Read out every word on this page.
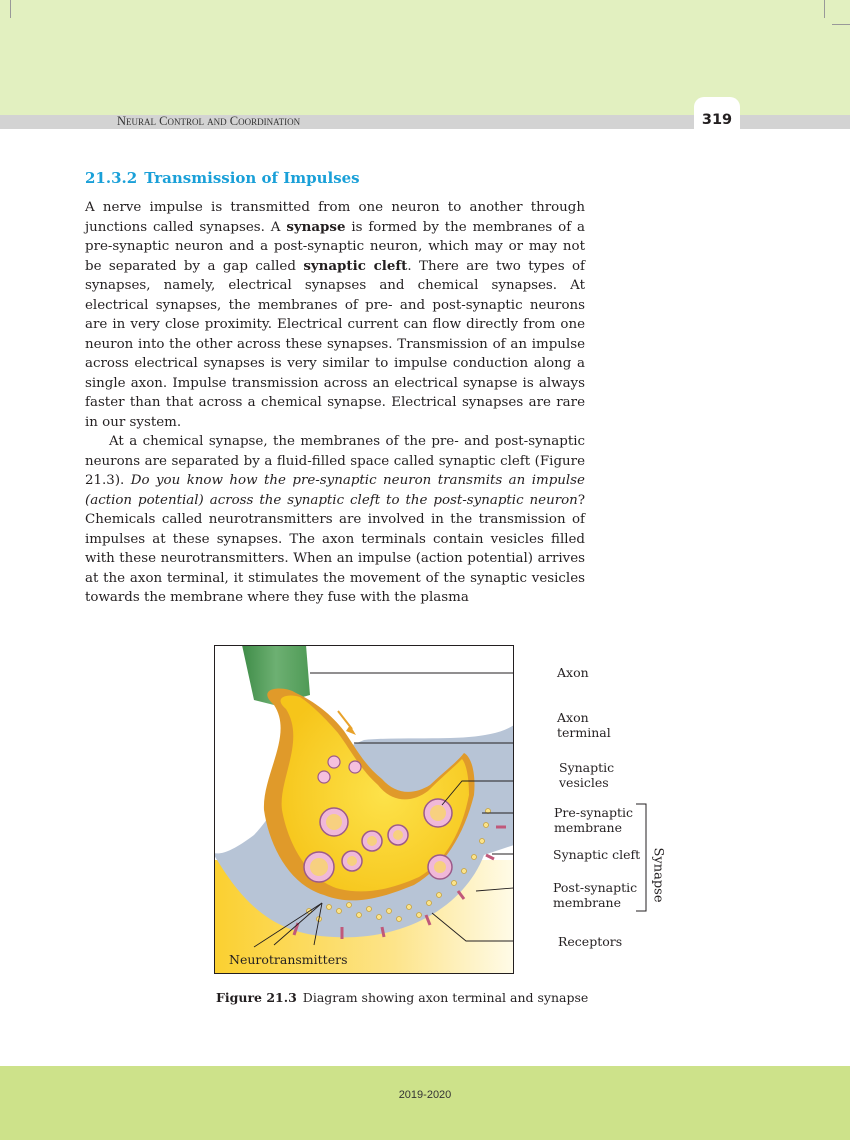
Neural Control and Coordination	319
21.3.2 Transmission of Impulses

A nerve impulse is transmitted from one neuron to another through junctions called synapses. A synapse is formed by the membranes of a pre-synaptic neuron and a post-synaptic neuron, which may or may not be separated by a gap called synaptic cleft. There are two types of synapses, namely, electrical synapses and chemical synapses. At electrical synapses, the membranes of pre- and post-synaptic neurons are in very close proximity. Electrical current can flow directly from one neuron into the other across these synapses. Transmission of an impulse across electrical synapses is very similar to impulse conduction along a single axon. Impulse transmission across an electrical synapse is always faster than that across a chemical synapse. Electrical synapses are rare in our system.

At a chemical synapse, the membranes of the pre- and post-synaptic neurons are separated by a fluid-filled space called synaptic cleft (Figure 21.3). Do you know how the pre-synaptic neuron transmits an impulse (action potential) across the synaptic cleft to the post-synaptic neuron? Chemicals called neurotransmitters are involved in the transmission of impulses at these synapses. The axon terminals contain vesicles filled with these neurotransmitters. When an impulse (action potential) arrives at the axon terminal, it stimulates the movement of the synaptic vesicles towards the membrane where they fuse with the plasma

Axon
Axon
terminal
Synaptic
vesicles
Pre-synaptic
membrane
Synaptic cleft
Post-synaptic
membrane
Receptors
Neurotransmitters
Synapse
Figure 21.3 Diagram showing axon terminal and synapse
2019-2020
